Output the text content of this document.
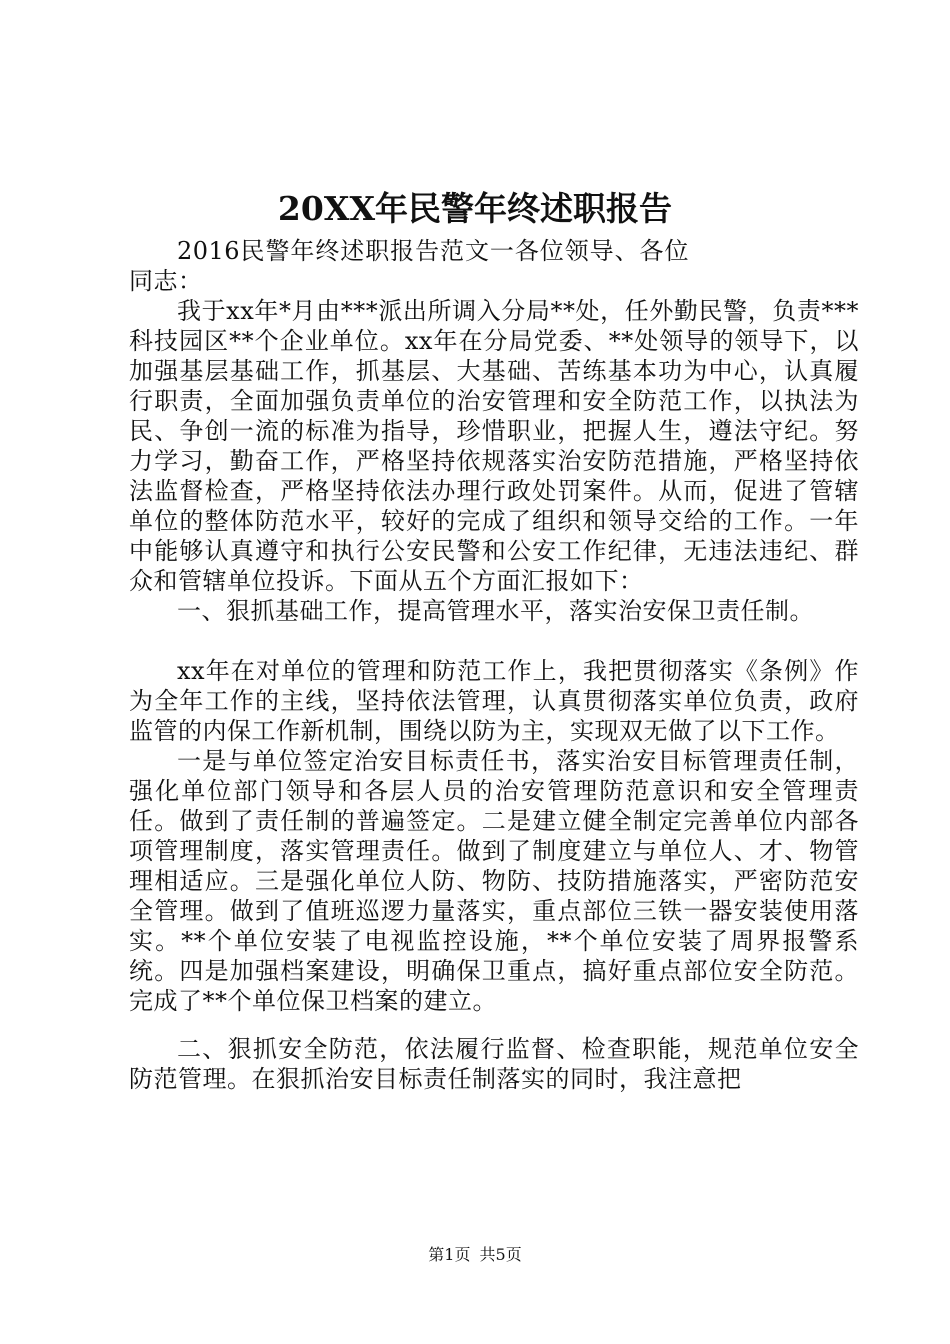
20XX年民警年终述职报告

2016民警年终述职报告范文一各位领导、各位同志：

我于xx年*月由***派出所调入分局**处，任外勤民警，负责***科技园区**个企业单位。xx年在分局党委、**处领导的领导下，以加强基层基础工作，抓基层、大基础、苦练基本功为中心，认真履行职责，全面加强负责单位的治安管理和安全防范工作，以执法为民、争创一流的标准为指导，珍惜职业，把握人生，遵法守纪。努力学习，勤奋工作，严格坚持依规落实治安防范措施，严格坚持依法监督检查，严格坚持依法办理行政处罚案件。从而，促进了管辖单位的整体防范水平，较好的完成了组织和领导交给的工作。一年中能够认真遵守和执行公安民警和公安工作纪律，无违法违纪、群众和管辖单位投诉。下面从五个方面汇报如下：

一、狠抓基础工作，提高管理水平，落实治安保卫责任制。

xx年在对单位的管理和防范工作上，我把贯彻落实《条例》作为全年工作的主线，坚持依法管理，认真贯彻落实单位负责，政府监管的内保工作新机制，围绕以防为主，实现双无做了以下工作。

一是与单位签定治安目标责任书，落实治安目标管理责任制，强化单位部门领导和各层人员的治安管理防范意识和安全管理责任。做到了责任制的普遍签定。二是建立健全制定完善单位内部各项管理制度，落实管理责任。做到了制度建立与单位人、才、物管理相适应。三是强化单位人防、物防、技防措施落实，严密防范安全管理。做到了值班巡逻力量落实，重点部位三铁一器安装使用落实。**个单位安装了电视监控设施，**个单位安装了周界报警系统。四是加强档案建设，明确保卫重点，搞好重点部位安全防范。完成了**个单位保卫档案的建立。

二、狠抓安全防范，依法履行监督、检查职能，规范单位安全防范管理。在狠抓治安目标责任制落实的同时，我注意把

第1页 共5页
